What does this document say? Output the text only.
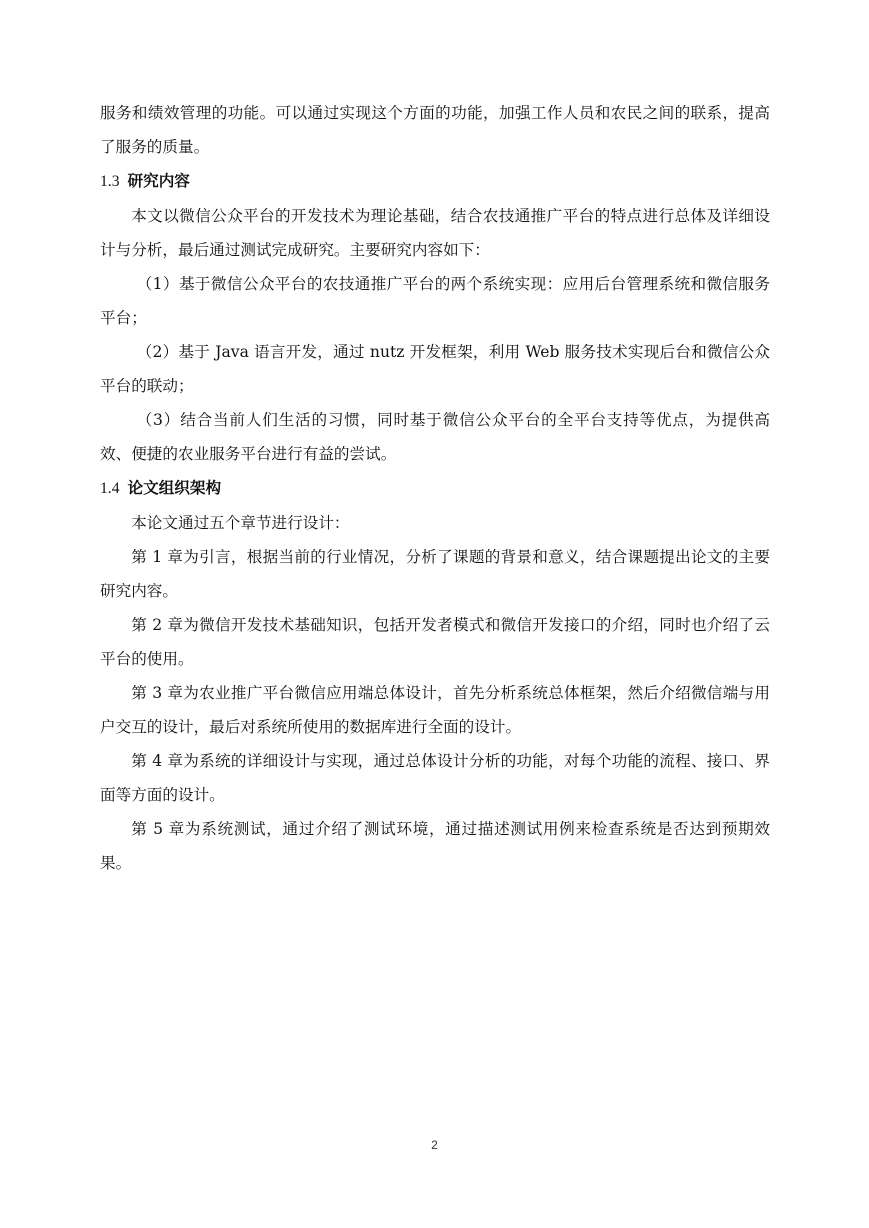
服务和绩效管理的功能。可以通过实现这个方面的功能，加强工作人员和农民之间的联系，提高了服务的质量。

1.3 研究内容

本文以微信公众平台的开发技术为理论基础，结合农技通推广平台的特点进行总体及详细设计与分析，最后通过测试完成研究。主要研究内容如下：

（1）基于微信公众平台的农技通推广平台的两个系统实现：应用后台管理系统和微信服务平台；

（2）基于 Java 语言开发，通过 nutz 开发框架，利用 Web 服务技术实现后台和微信公众平台的联动；

（3）结合当前人们生活的习惯，同时基于微信公众平台的全平台支持等优点，为提供高效、便捷的农业服务平台进行有益的尝试。

1.4 论文组织架构

本论文通过五个章节进行设计：

第 1 章为引言，根据当前的行业情况，分析了课题的背景和意义，结合课题提出论文的主要研究内容。

第 2 章为微信开发技术基础知识，包括开发者模式和微信开发接口的介绍，同时也介绍了云平台的使用。

第 3 章为农业推广平台微信应用端总体设计，首先分析系统总体框架，然后介绍微信端与用户交互的设计，最后对系统所使用的数据库进行全面的设计。

第 4 章为系统的详细设计与实现，通过总体设计分析的功能，对每个功能的流程、接口、界面等方面的设计。

第 5 章为系统测试，通过介绍了测试环境，通过描述测试用例来检查系统是否达到预期效果。

2
